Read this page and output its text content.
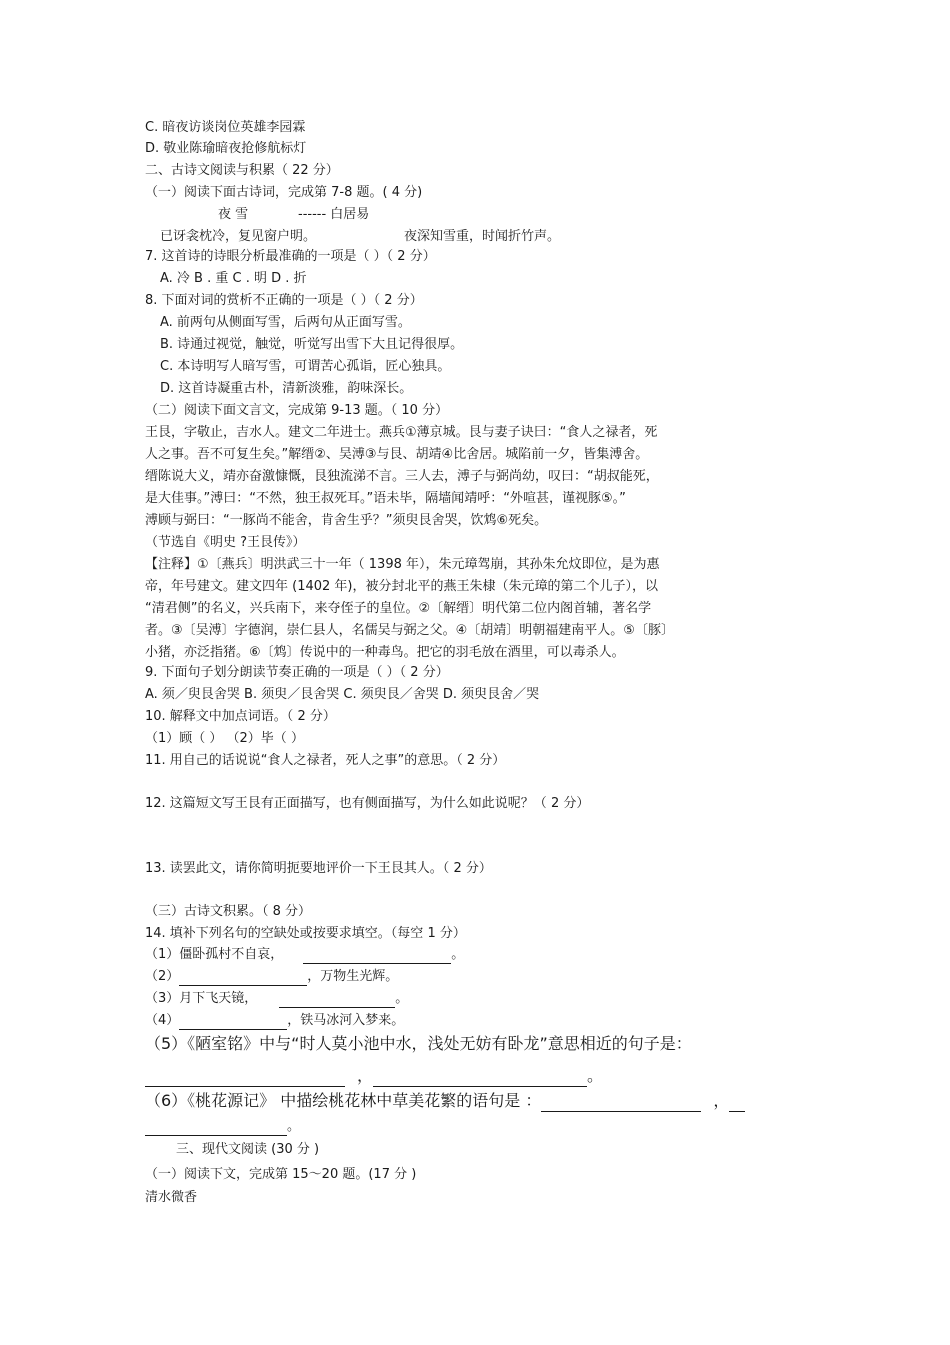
C. 暗夜访谈岗位英雄李园霖
D. 敬业陈瑜暗夜抢修航标灯
二、古诗文阅读与积累（ 22 分）
（一）阅读下面古诗词，完成第 7-8 题。( 4 分)
夜 雪	------ 白居易
已讶衾枕冷，复见窗户明。	夜深知雪重，时闻折竹声。
7. 这首诗的诗眼分析最准确的一项是（ ）（ 2 分）
A. 冷 B . 重 C . 明 D . 折
8. 下面对词的赏析不正确的一项是（ ）（ 2 分）
A. 前两句从侧面写雪，后两句从正面写雪。
B. 诗通过视觉，触觉，听觉写出雪下大且记得很厚。
C. 本诗明写人暗写雪，可谓苦心孤诣，匠心独具。
D. 这首诗凝重古朴，清新淡雅，韵味深长。
（二）阅读下面文言文，完成第 9-13 题。（ 10 分）
王艮，字敬止，吉水人。建文二年进士。燕兵①薄京城。艮与妻子诀曰：“食人之禄者，死
人之事。吾不可复生矣。”解缙②、吴溥③与艮、胡靖④比舍居。城陷前一夕，皆集溥舍。
缙陈说大义，靖亦奋激慷慨，艮独流涕不言。三人去，溥子与弼尚幼，叹曰：“胡叔能死，
是大佳事。”溥曰：“不然，独王叔死耳。”语未毕，隔墙闻靖呼：“外喧甚，谨视豚⑤。”
溥顾与弼曰：“一豚尚不能舍，肯舍生乎？”须臾艮舍哭，饮鸩⑥死矣。
（节选自《明史 ?王艮传》）
【注释】①〔燕兵〕明洪武三十一年（ 1398 年），朱元璋驾崩，其孙朱允炆即位，是为惠
帝，年号建文。建文四年 (1402 年)，被分封北平的燕王朱棣（朱元璋的第二个儿子），以
“清君侧”的名义，兴兵南下，来夺侄子的皇位。②〔解缙〕明代第二位内阁首辅，著名学
者。③〔吴溥〕字德润，崇仁县人，名儒吴与弼之父。④〔胡靖〕明朝福建南平人。⑤〔豚〕
小猪，亦泛指猪。⑥〔鸩〕传说中的一种毒鸟。把它的羽毛放在酒里，可以毒杀人。
9. 下面句子划分朗读节奏正确的一项是（ ）（ 2 分）
A. 须／臾艮舍哭 B. 须臾／艮舍哭 C. 须臾艮／舍哭 D. 须臾艮舍／哭
10. 解释文中加点词语。（ 2 分）
（1）顾（ ） （2）毕（ ）
11. 用自己的话说说“食人之禄者，死人之事”的意思。（ 2 分）
12. 这篇短文写王艮有正面描写，也有侧面描写，为什么如此说呢？（ 2 分）
13. 读罢此文，请你简明扼要地评价一下王艮其人。（ 2 分）
（三）古诗文积累。（ 8 分）
14. 填补下列名句的空缺处或按要求填空。（每空 1 分）
（1）僵卧孤村不自哀，	。
（2）	，万物生光辉。
（3）月下飞天镜，	。
（4）	，铁马冰河入梦来。
（5）《陋室铭》中与“时人莫小池中水，浅处无妨有卧龙”意思相近的句子是：
，	。
（6）《桃花源记》 中描绘桃花林中草美花繁的语句是 ：	，
。
三、现代文阅读 (30 分 )
（一）阅读下文，完成第 15～20 题。(17 分 )
清水微香
